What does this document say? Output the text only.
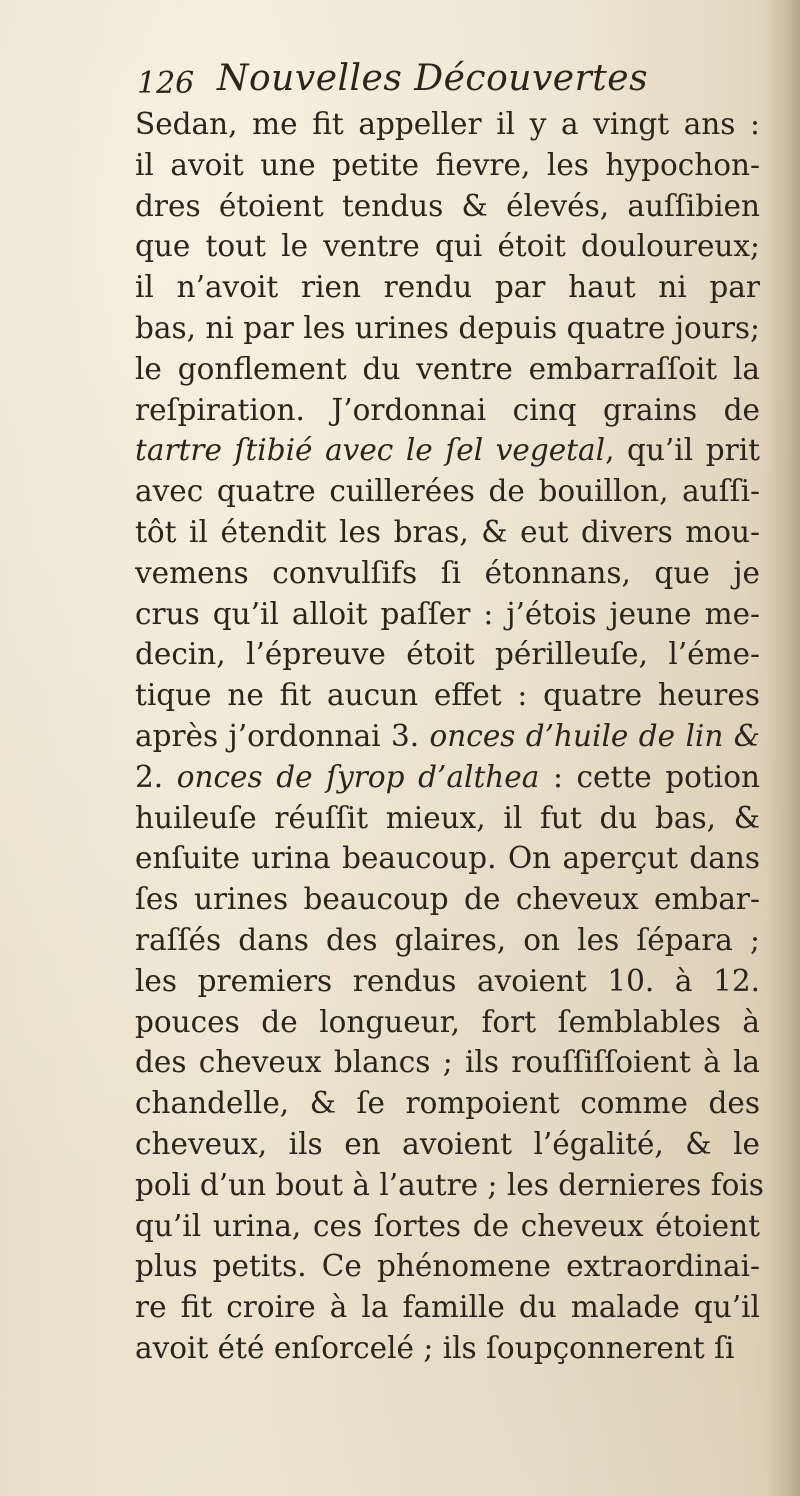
126 Nouvelles Découvertes
Sedan, me fit appeller il y a vingt ans :
il avoit une petite fievre, les hypochon-
dres étoient tendus & élevés, auſſibien
que tout le ventre qui étoit douloureux;
il n’avoit rien rendu par haut ni par
bas, ni par les urines depuis quatre jours;
le gonflement du ventre embarraſſoit la
reſpiration. J’ordonnai cinq grains de
tartre ſtibié avec le ſel vegetal, qu’il prit
avec quatre cuillerées de bouillon, auſſi-
tôt il étendit les bras, & eut divers mou-
vemens convulſifs ſi étonnans, que je
crus qu’il alloit paſſer : j’étois jeune me-
decin, l’épreuve étoit périlleuſe, l’éme-
tique ne fit aucun effet : quatre heures
après j’ordonnai 3. onces d’huile de lin &
2. onces de ſyrop d’althea : cette potion
huileuſe réuſſit mieux, il fut du bas, &
enſuite urina beaucoup. On aperçut dans
ſes urines beaucoup de cheveux embar-
raſſés dans des glaires, on les ſépara ;
les premiers rendus avoient 10. à 12.
pouces de longueur, fort ſemblables à
des cheveux blancs ; ils rouſſiſſoient à la
chandelle, & ſe rompoient comme des
cheveux, ils en avoient l’égalité, & le
poli d’un bout à l’autre ; les dernieres fois
qu’il urina, ces ſortes de cheveux étoient
plus petits. Ce phénomene extraordinai-
re fit croire à la famille du malade qu’il
avoit été enſorcelé ; ils ſoupçonnerent ſi
